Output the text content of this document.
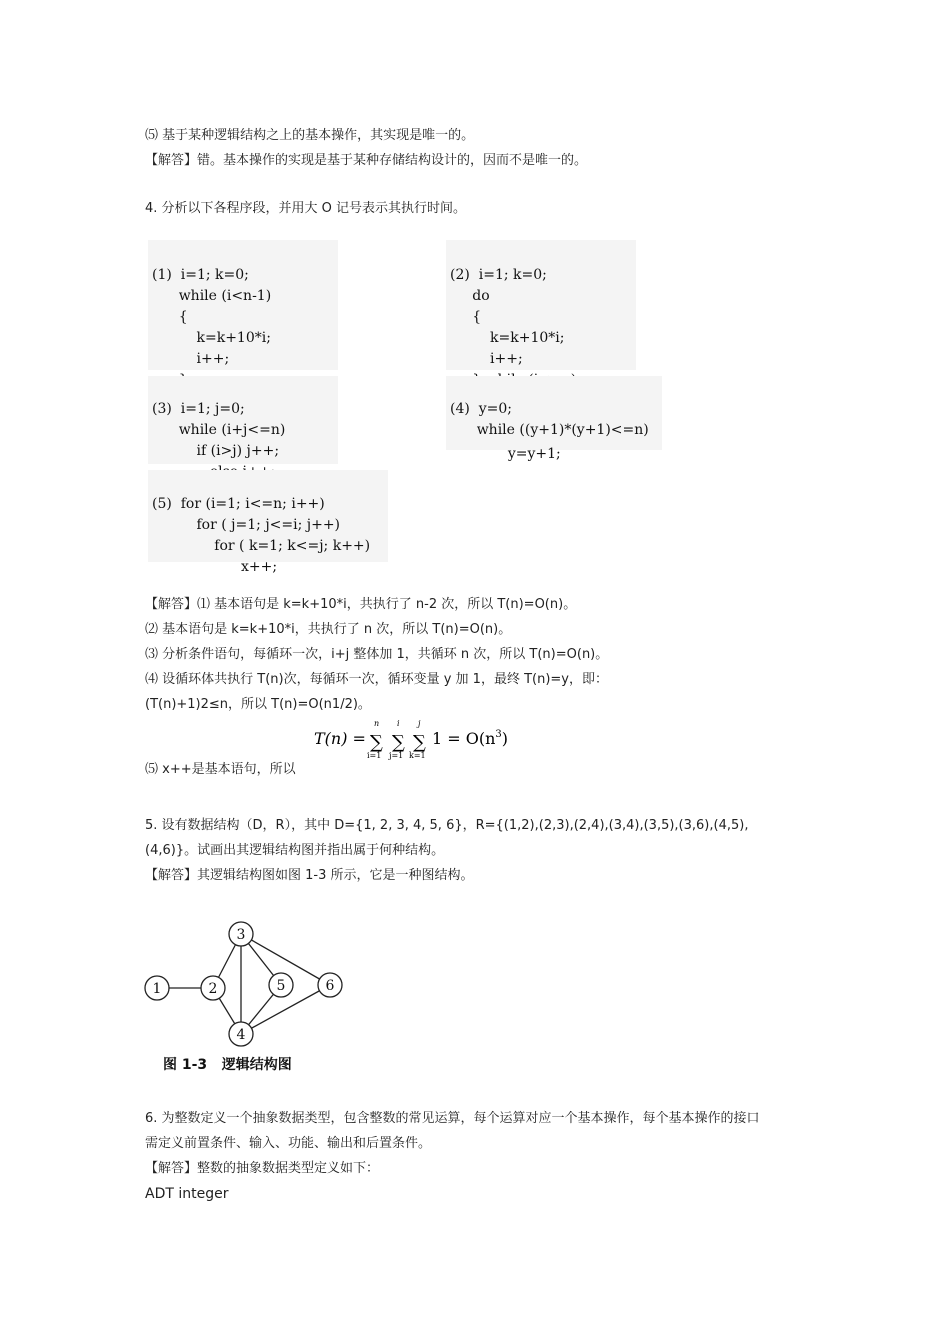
⑸ 基于某种逻辑结构之上的基本操作，其实现是唯一的。
【解答】错。基本操作的实现是基于某种存储结构设计的，因而不是唯一的。
4. 分析以下各程序段，并用大 O 记号表示其执行时间。

(1)  i=1; k=0;
while (i<n-1)
{
k=k+10*i;
i++;

(2)  i=1; k=0;
do
{
k=k+10*i;
i++;

(3)  i=1; j=0;
while (i+j<=n)
if (i>j) j++;

(4)  y=0;
while ((y+1)*(y+1)<=n)
y=y+1;

(5)  for (i=1; i<=n; i++)
for ( j=1; j<=i; j++)
for ( k=1; k<=j; k++)
x++;

【解答】⑴ 基本语句是 k=k+10*i，共执行了 n-2 次，所以 T(n)=O(n)。
⑵ 基本语句是 k=k+10*i，共执行了 n 次，所以 T(n)=O(n)。
⑶ 分析条件语句，每循环一次，i+j 整体加 1，共循环 n 次，所以 T(n)=O(n)。
⑷ 设循环体共执行 T(n)次，每循环一次，循环变量 y 加 1，最终 T(n)=y，即：
(T(n)+1)2≤n，所以 T(n)=O(n1/2)。
T(n) =
n
∑
i=1
i
∑
j=1
j
∑
k=1
$1 = O(n^3)$
⑸ x++是基本语句，所以
5. 设有数据结构（D，R），其中 D={1, 2, 3, 4, 5, 6}，R={(1,2),(2,3),(2,4),(3,4),(3,5),(3,6),(4,5),
(4,6)}。试画出其逻辑结构图并指出属于何种结构。
【解答】其逻辑结构图如图 1-3 所示，它是一种图结构。
1	2
3
4
5	6
图 1-3   逻辑结构图
6. 为整数定义一个抽象数据类型，包含整数的常见运算，每个运算对应一个基本操作，每个基本操作的接口
需定义前置条件、输入、功能、输出和后置条件。
【解答】整数的抽象数据类型定义如下：
ADT integer
